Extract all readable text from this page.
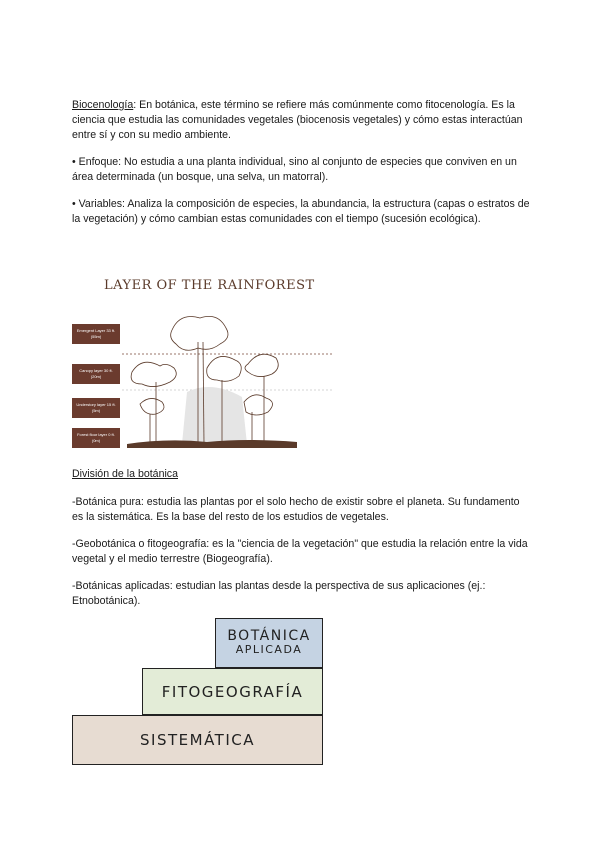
Biocenología: En botánica, este término se refiere más comúnmente como fitocenología. Es la ciencia que estudia las comunidades vegetales (biocenosis vegetales) y cómo estas interactúan entre sí y con su medio ambiente.

• Enfoque: No estudia a una planta individual, sino al conjunto de especies que conviven en un área determinada (un bosque, una selva, un matorral).

• Variables: Analiza la composición de especies, la abundancia, la estructura (capas o estratos de la vegetación) y cómo cambian estas comunidades con el tiempo (sucesión ecológica).

LAYER OF THE RAINFOREST
Emergent Layer 33 ft. (55m)
Canopy layer 30 ft. (20m)
Understory layer 15 ft. (5m)
Forest floor layer 0 ft. (0m)

División de la botánica

-Botánica pura: estudia las plantas por el solo hecho de existir sobre el planeta. Su fundamento es la sistemática. Es la base del resto de los estudios de vegetales.

-Geobotánica o fitogeografía: es la "ciencia de la vegetación" que estudia la relación entre la vida vegetal y el medio terrestre (Biogeografía).

-Botánicas aplicadas: estudian las plantas desde la perspectiva de sus aplicaciones (ej.: Etnobotánica).

BOTÁNICA
APLICADA
FITOGEOGRAFÍA
SISTEMÁTICA
